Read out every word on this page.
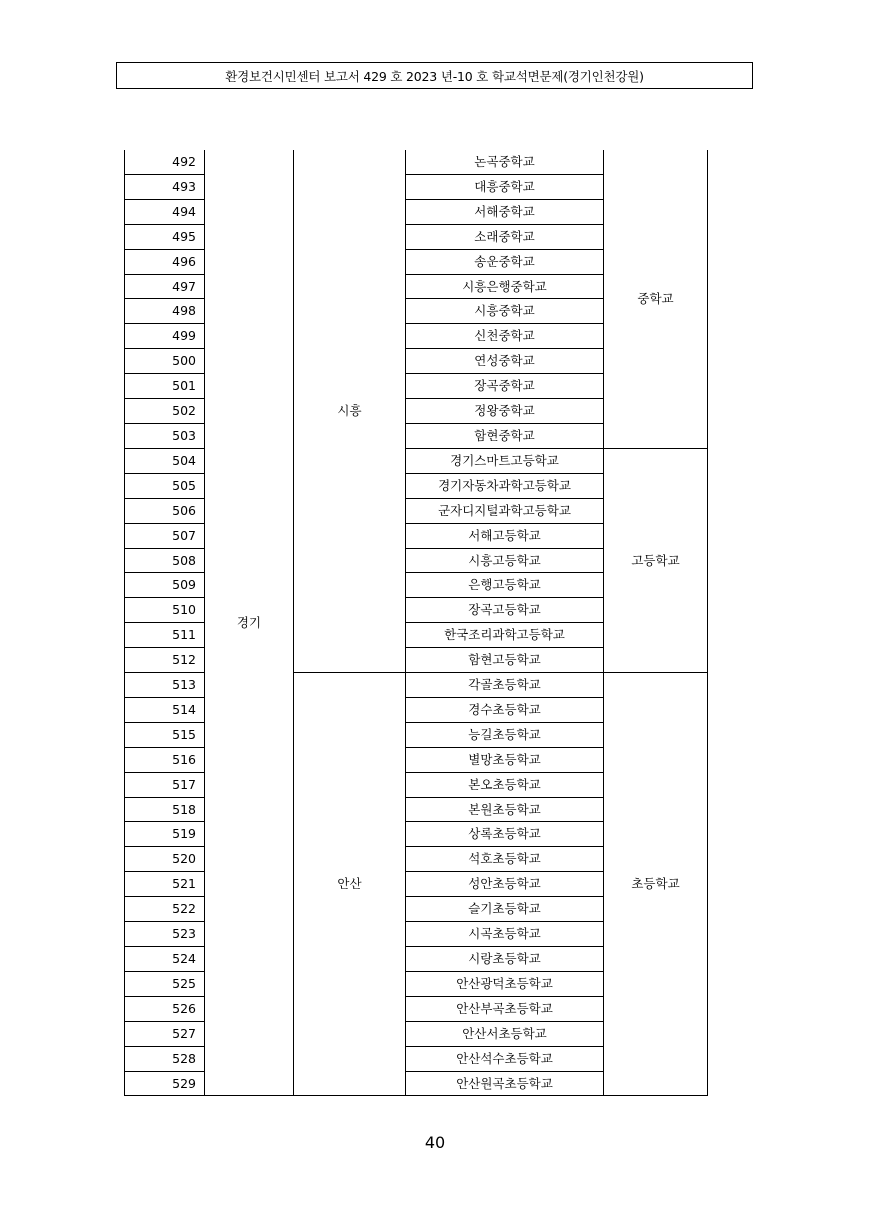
환경보건시민센터 보고서 429 호 2023 년-10 호 학교석면문제(경기인천강원)
492	경기	시흥	논곡중학교	중학교
493			대흥중학교	
494			서해중학교	
495			소래중학교	
496			송운중학교	
497			시흥은행중학교	
498			시흥중학교	
499			신천중학교	
500			연성중학교	
501			장곡중학교	
502			정왕중학교	
503			함현중학교	
504			경기스마트고등학교	고등학교
505			경기자동차과학고등학교	
506			군자디지털과학고등학교	
507			서해고등학교	
508			시흥고등학교	
509			은행고등학교	
510			장곡고등학교	
511			한국조리과학고등학교	
512			함현고등학교	
513		안산	각골초등학교	초등학교
514			경수초등학교	
515			능길초등학교	
516			별망초등학교	
517			본오초등학교	
518			본원초등학교	
519			상록초등학교	
520			석호초등학교	
521			성안초등학교	
522			슬기초등학교	
523			시곡초등학교	
524			시랑초등학교	
525			안산광덕초등학교	
526			안산부곡초등학교	
527			안산서초등학교	
528			안산석수초등학교	
529			안산원곡초등학교	
40
